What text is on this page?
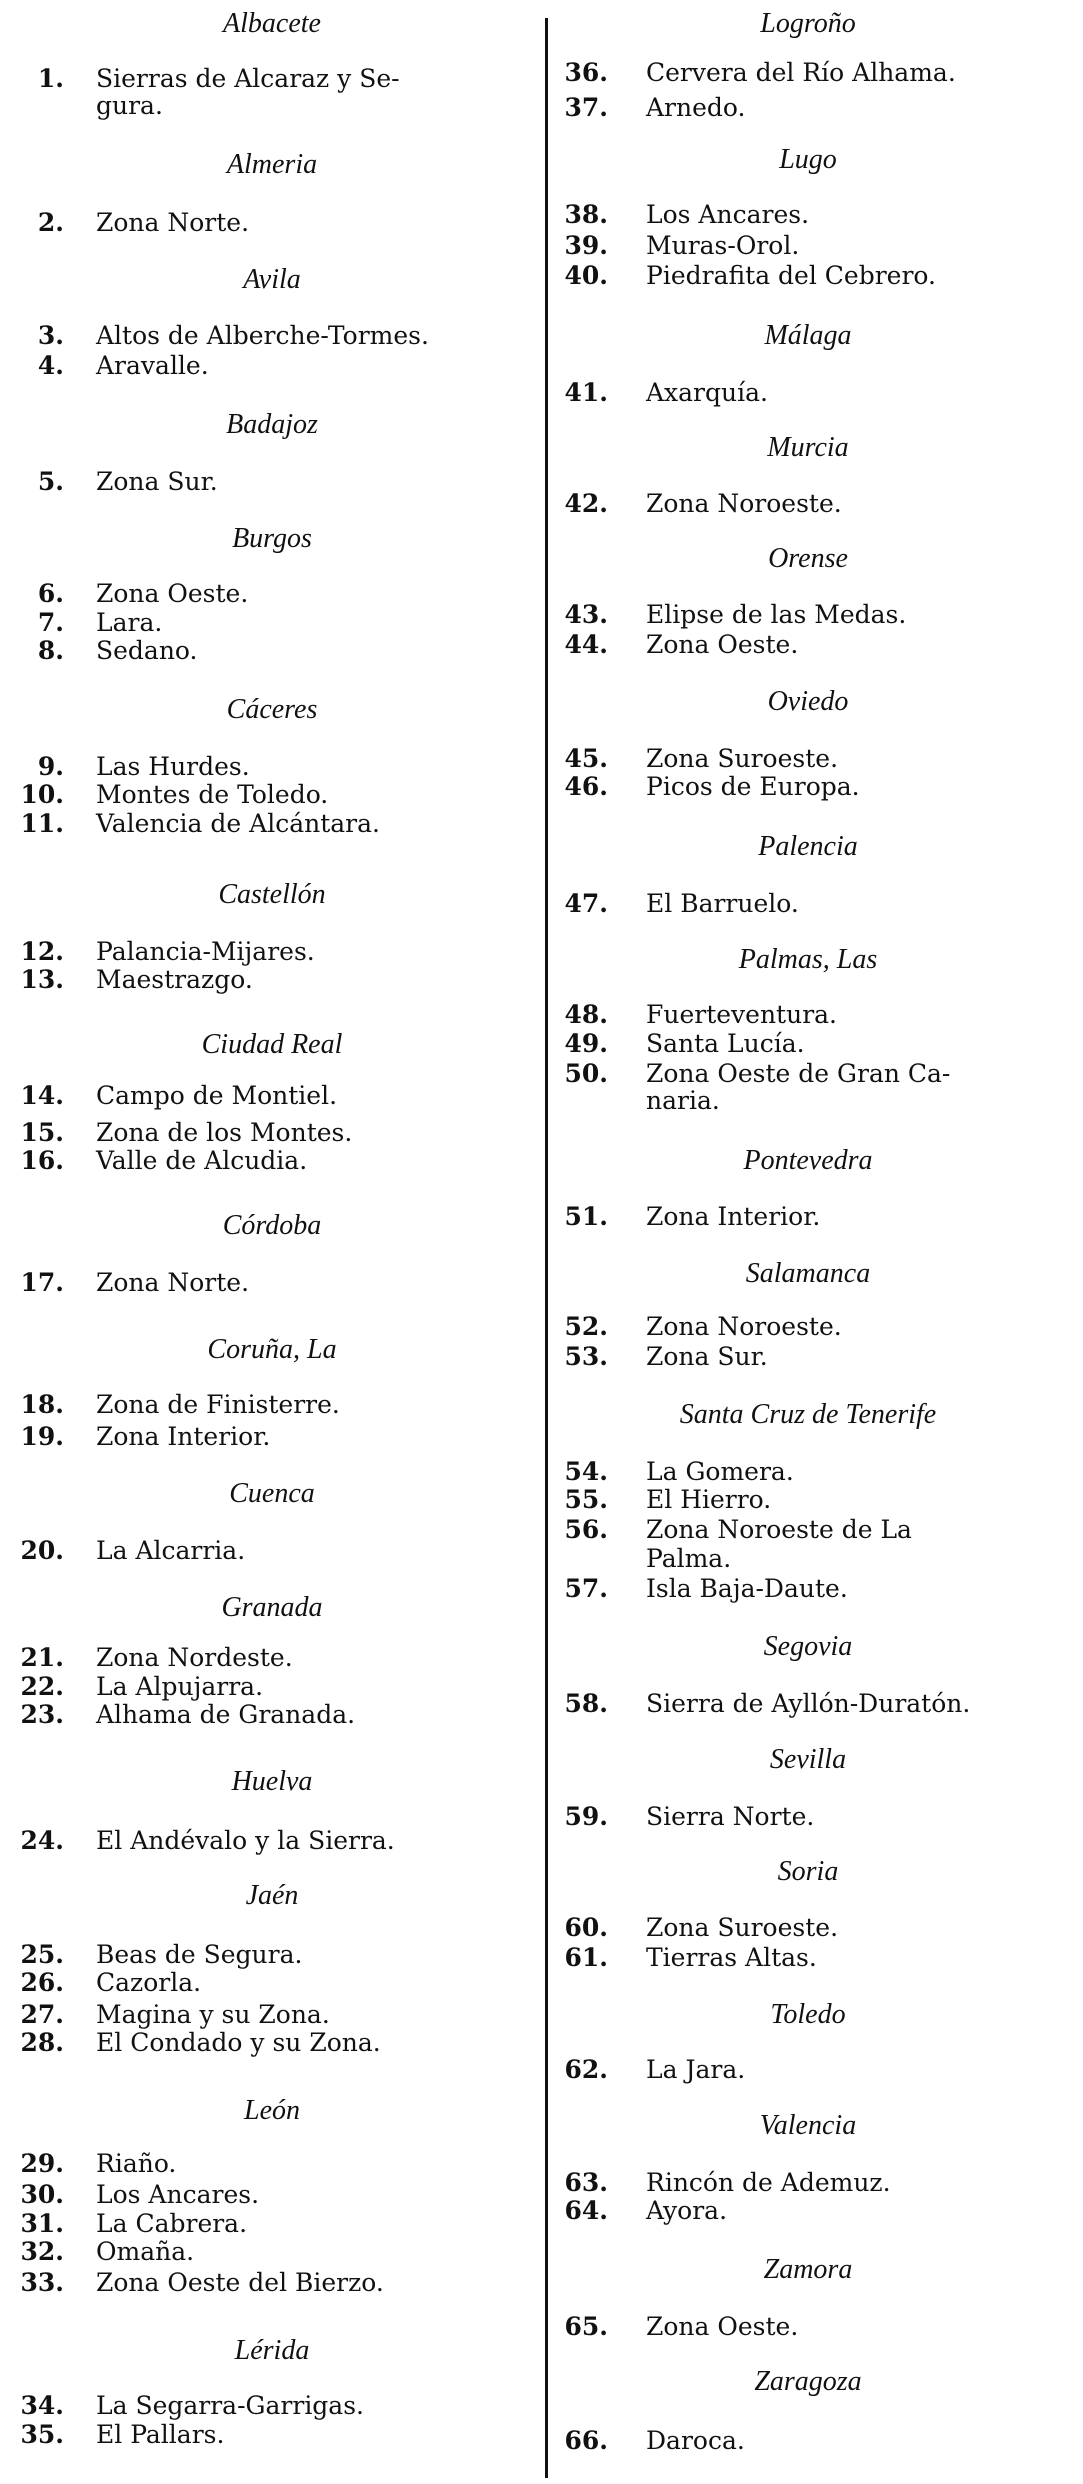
Albacete
1. Sierras de Alcaraz y Se-
gura.
Almeria
2. Zona Norte.
Avila
3. Altos de Alberche-Tormes.
4. Aravalle.
Badajoz
5. Zona Sur.
Burgos
6. Zona Oeste.
7. Lara.
8. Sedano.
Cáceres
9. Las Hurdes.
10. Montes de Toledo.
11. Valencia de Alcántara.
Castellón
12. Palancia-Mijares.
13. Maestrazgo.
Ciudad Real
14. Campo de Montiel.
15. Zona de los Montes.
16. Valle de Alcudia.
Córdoba
17. Zona Norte.
Coruña, La
18. Zona de Finisterre.
19. Zona Interior.
Cuenca
20. La Alcarria.
Granada
21. Zona Nordeste.
22. La Alpujarra.
23. Alhama de Granada.
Huelva
24. El Andévalo y la Sierra.
Jaén
25. Beas de Segura.
26. Cazorla.
27. Magina y su Zona.
28. El Condado y su Zona.
León
29. Riaño.
30. Los Ancares.
31. La Cabrera.
32. Omaña.
33. Zona Oeste del Bierzo.
Lérida
34. La Segarra-Garrigas.
35. El Pallars.
Logroño
36. Cervera del Río Alhama.
37. Arnedo.
Lugo
38. Los Ancares.
39. Muras-Orol.
40. Piedrafita del Cebrero.
Málaga
41. Axarquía.
Murcia
42. Zona Noroeste.
Orense
43. Elipse de las Medas.
44. Zona Oeste.
Oviedo
45. Zona Suroeste.
46. Picos de Europa.
Palencia
47. El Barruelo.
Palmas, Las
48. Fuerteventura.
49. Santa Lucía.
50. Zona Oeste de Gran Ca-
naria.
Pontevedra
51. Zona Interior.
Salamanca
52. Zona Noroeste.
53. Zona Sur.
Santa Cruz de Tenerife
54. La Gomera.
55. El Hierro.
56. Zona Noroeste de La
Palma.
57. Isla Baja-Daute.
Segovia
58. Sierra de Ayllón-Duratón.
Sevilla
59. Sierra Norte.
Soria
60. Zona Suroeste.
61. Tierras Altas.
Toledo
62. La Jara.
Valencia
63. Rincón de Ademuz.
64. Ayora.
Zamora
65. Zona Oeste.
Zaragoza
66. Daroca.
